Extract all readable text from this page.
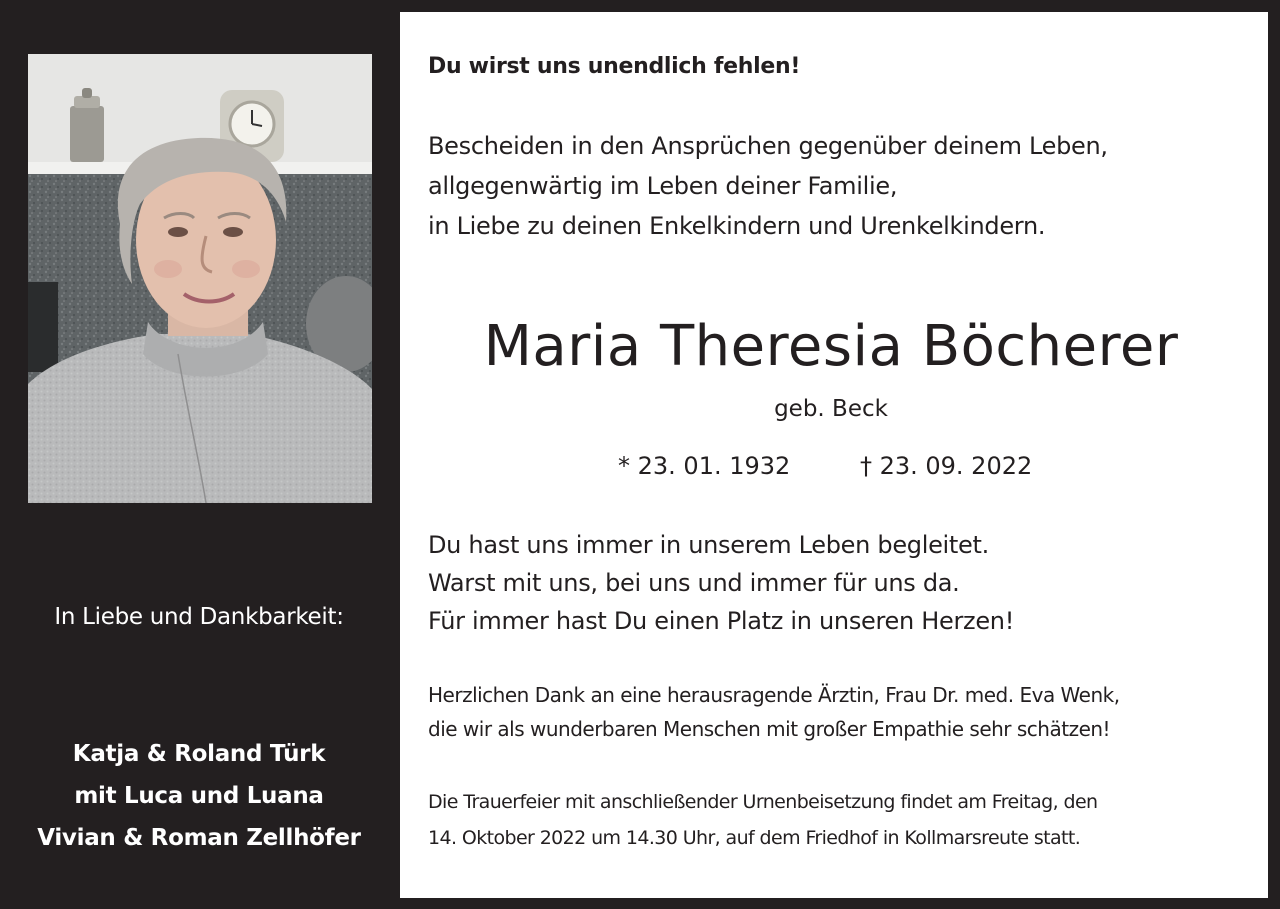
In Liebe und Dankbarkeit:
Katja & Roland Türk
mit Luca und Luana
Vivian & Roman Zellhöfer
Du wirst uns unendlich fehlen!
Bescheiden in den Ansprüchen gegenüber deinem Leben,
allgegenwärtig im Leben deiner Familie,
in Liebe zu deinen Enkelkindern und Urenkelkindern.
Maria Theresia Böcherer
geb. Beck
* 23. 01. 1932	† 23. 09. 2022
Du hast uns immer in unserem Leben begleitet.
Warst mit uns, bei uns und immer für uns da.
Für immer hast Du einen Platz in unseren Herzen!
Herzlichen Dank an eine herausragende Ärztin, Frau Dr. med. Eva Wenk,
die wir als wunderbaren Menschen mit großer Empathie sehr schätzen!
Die Trauerfeier mit anschließender Urnenbeisetzung findet am Freitag, den
14. Oktober 2022 um 14.30 Uhr, auf dem Friedhof in Kollmarsreute statt.
